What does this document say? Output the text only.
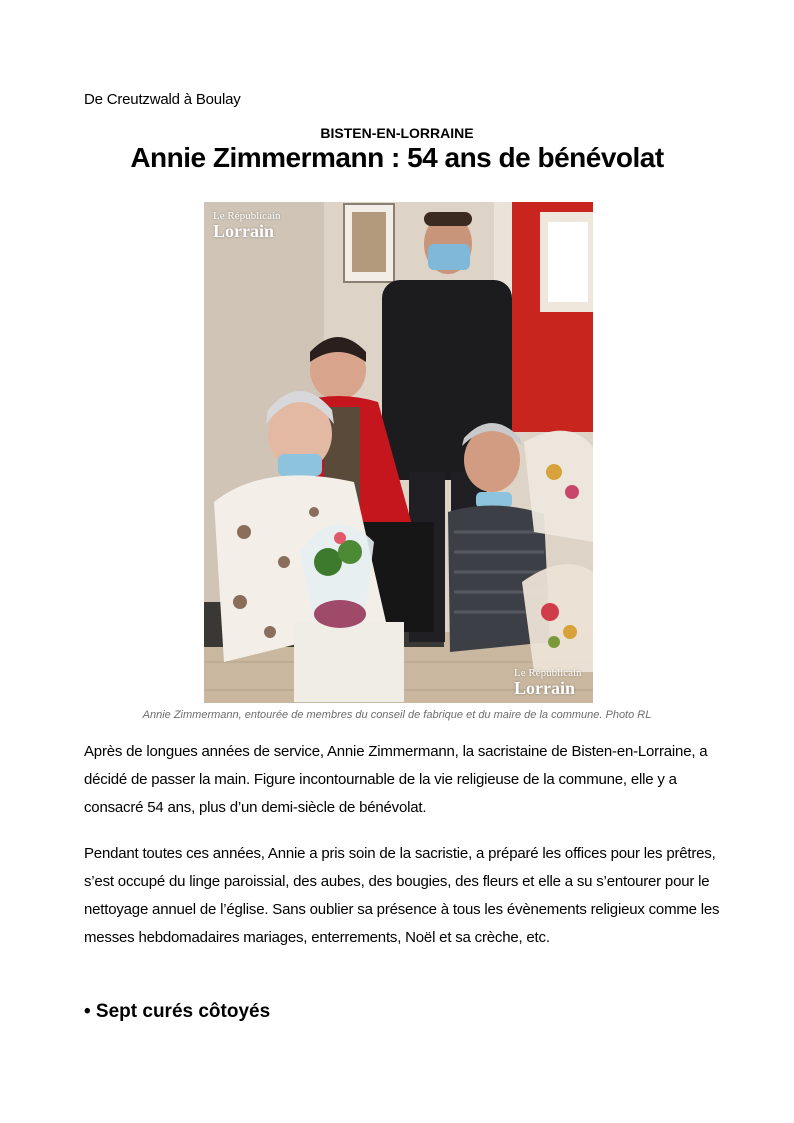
De Creutzwald à Boulay
BISTEN-EN-LORRAINE
Annie Zimmermann : 54 ans de bénévolat
Le Républicain
Lorrain
Le Républicain
Lorrain
Annie Zimmermann, entourée de membres du conseil de fabrique et du maire de la commune. Photo RL

Après de longues années de service, Annie Zimmermann, la sacristaine de Bisten-en-Lorraine, a décidé de passer la main. Figure incontournable de la vie religieuse de la commune, elle y a consacré 54 ans, plus d’un demi-siècle de bénévolat.

Pendant toutes ces années, Annie a pris soin de la sacristie, a préparé les offices pour les prêtres, s’est occupé du linge paroissial, des aubes, des bougies, des fleurs et elle a su s’entourer pour le nettoyage annuel de l’église. Sans oublier sa présence à tous les évènements religieux comme les messes hebdomadaires mariages, enterrements, Noël et sa crèche, etc.

• Sept curés côtoyés
